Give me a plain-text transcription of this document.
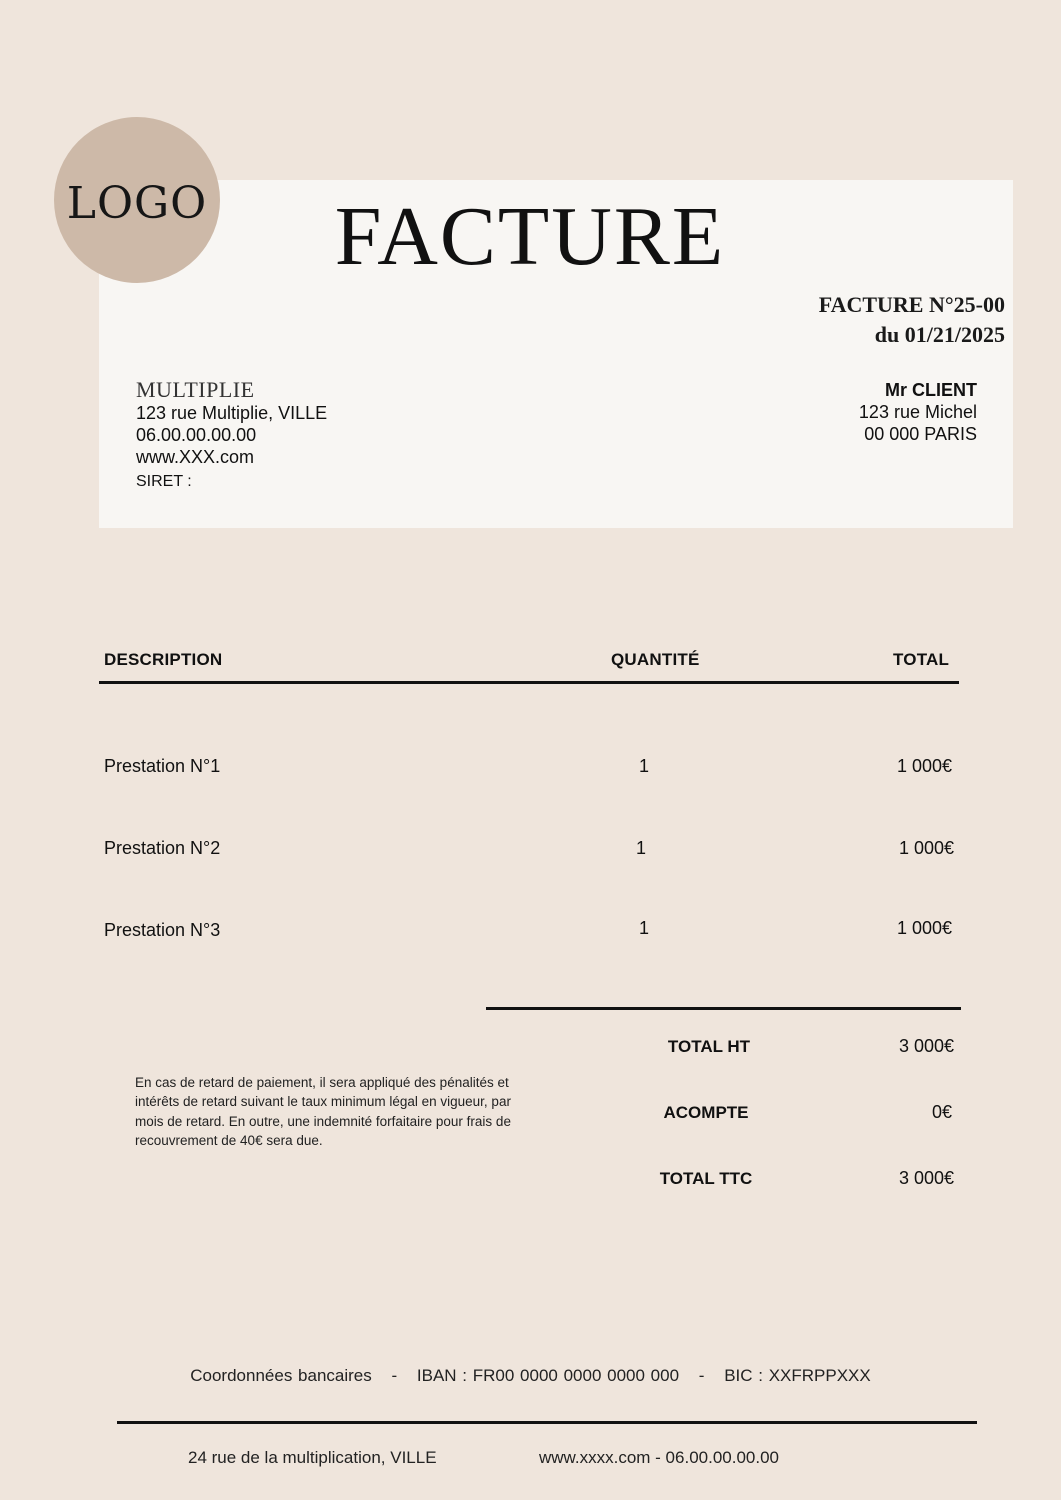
LOGO FACTURE
FACTURE N°25-00
du 01/21/2025
MULTIPLIE
123 rue Multiplie, VILLE
06.00.00.00.00
www.XXX.com
SIRET :
Mr CLIENT
123 rue Michel
00 000 PARIS
DESCRIPTION	QUANTITÉ	TOTAL
Prestation N°1	1	1 000€
Prestation N°2	1	1 000€
Prestation N°3	1	1 000€
TOTAL HT	3 000€
ACOMPTE	0€
TOTAL TTC	3 000€
En cas de retard de paiement, il sera appliqué des pénalités et intérêts de retard suivant le taux minimum légal en vigueur, par mois de retard. En outre, une indemnité forfaitaire pour frais de recouvrement de 40€ sera due.
Coordonnées bancaires - IBAN : FR00 0000 0000 0000 000 - BIC : XXFRPPXXX
24 rue de la multiplication, VILLE	www.xxxx.com - 06.00.00.00.00
